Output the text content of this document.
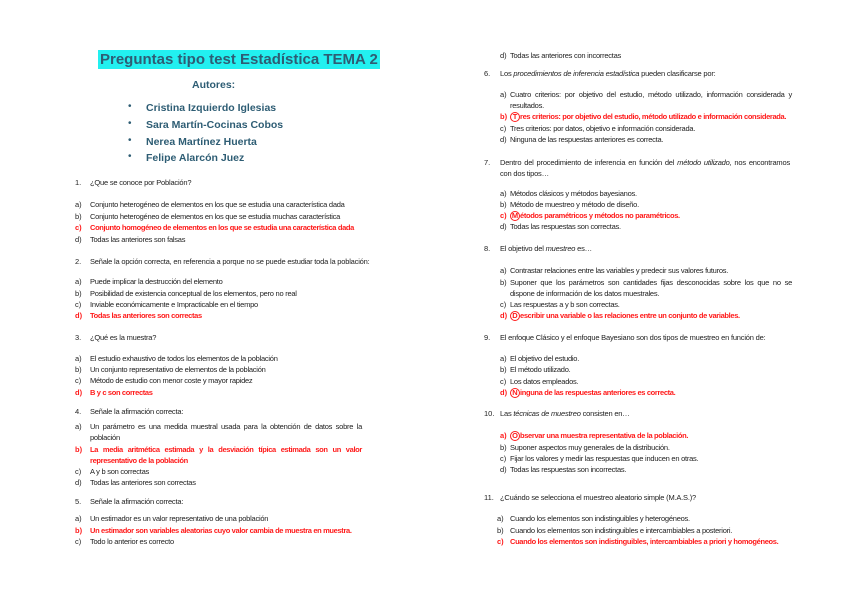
Preguntas tipo test Estadística TEMA 2
Autores:
• Cristina Izquierdo Iglesias
• Sara Martín-Cocinas Cobos
• Nerea Martínez Huerta
• Felipe Alarcón Juez
1. ¿Que se conoce por Población?
a) Conjunto heterogéneo de elementos en los que se estudia una característica dada
b) Conjunto heterogéneo de elementos en los que se estudia muchas característica
c) Conjunto homogéneo de elementos en los que se estudia una característica dada
d) Todas las anteriores son falsas
2. Señale la opción correcta, en referencia a porque no se puede estudiar toda la población:
a) Puede implicar la destrucción del elemento
b) Posibilidad de existencia conceptual de los elementos, pero no real
c) Inviable económicamente e Impracticable en el tiempo
d) Todas las anteriores son correctas
3. ¿Qué es la muestra?
a) El estudio exhaustivo de todos los elementos de la población
b) Un conjunto representativo de elementos de la población
c) Método de estudio con menor coste y mayor rapidez
d) B y c son correctas
4. Señale la afirmación correcta:
a) Un parámetro es una medida muestral usada para la obtención de datos sobre la población
b) La media aritmética estimada y la desviación típica estimada son un valor representativo de la población
c) A y b son correctas
d) Todas las anteriores son correctas
5. Señale la afirmación correcta:
a) Un estimador es un valor representativo de una población
b) Un estimador son variables aleatorias cuyo valor cambia de muestra en muestra.
c) Todo lo anterior es correcto
d) Todas las anteriores con incorrectas
6. Los procedimientos de inferencia estadística pueden clasificarse por:
a) Cuatro criterios: por objetivo del estudio, método utilizado, información considerada y resultados.
b) T res criterios: por objetivo del estudio, método utilizado e información considerada.
c) Tres criterios: por datos, objetivo e información considerada.
d) Ninguna de las respuestas anteriores es correcta.
7. Dentro del procedimiento de inferencia en función del método utilizado, nos encontramos con dos tipos…
a) Métodos clásicos y métodos bayesianos.
b) Método de muestreo y método de diseño.
c) M étodos paramétricos y métodos no paramétricos.
d) Todas las respuestas son correctas.
8. El objetivo del muestreo es…
a) Contrastar relaciones entre las variables y predecir sus valores futuros.
b) Suponer que los parámetros son cantidades fijas desconocidas sobre los que no se dispone de información de los datos muestrales.
c) Las respuestas a y b son correctas.
d) D escribir una variable o las relaciones entre un conjunto de variables.
9. El enfoque Clásico y el enfoque Bayesiano son dos tipos de muestreo en función de:
a) El objetivo del estudio.
b) El método utilizado.
c) Los datos empleados.
d) N inguna de las respuestas anteriores es correcta.
10. Las técnicas de muestreo consisten en…
a) O bservar una muestra representativa de la población.
b) Suponer aspectos muy generales de la distribución.
c) Fijar los valores y medir las respuestas que inducen en otras.
d) Todas las respuestas son incorrectas.
11. ¿Cuándo se selecciona el muestreo aleatorio simple (M.A.S.)?
a) Cuando los elementos son indistinguibles y heterogéneos.
b) Cuando los elementos son indistinguibles e intercambiables a posteriori.
c) Cuando los elementos son indistinguibles, intercambiables a priori y homogéneos.
